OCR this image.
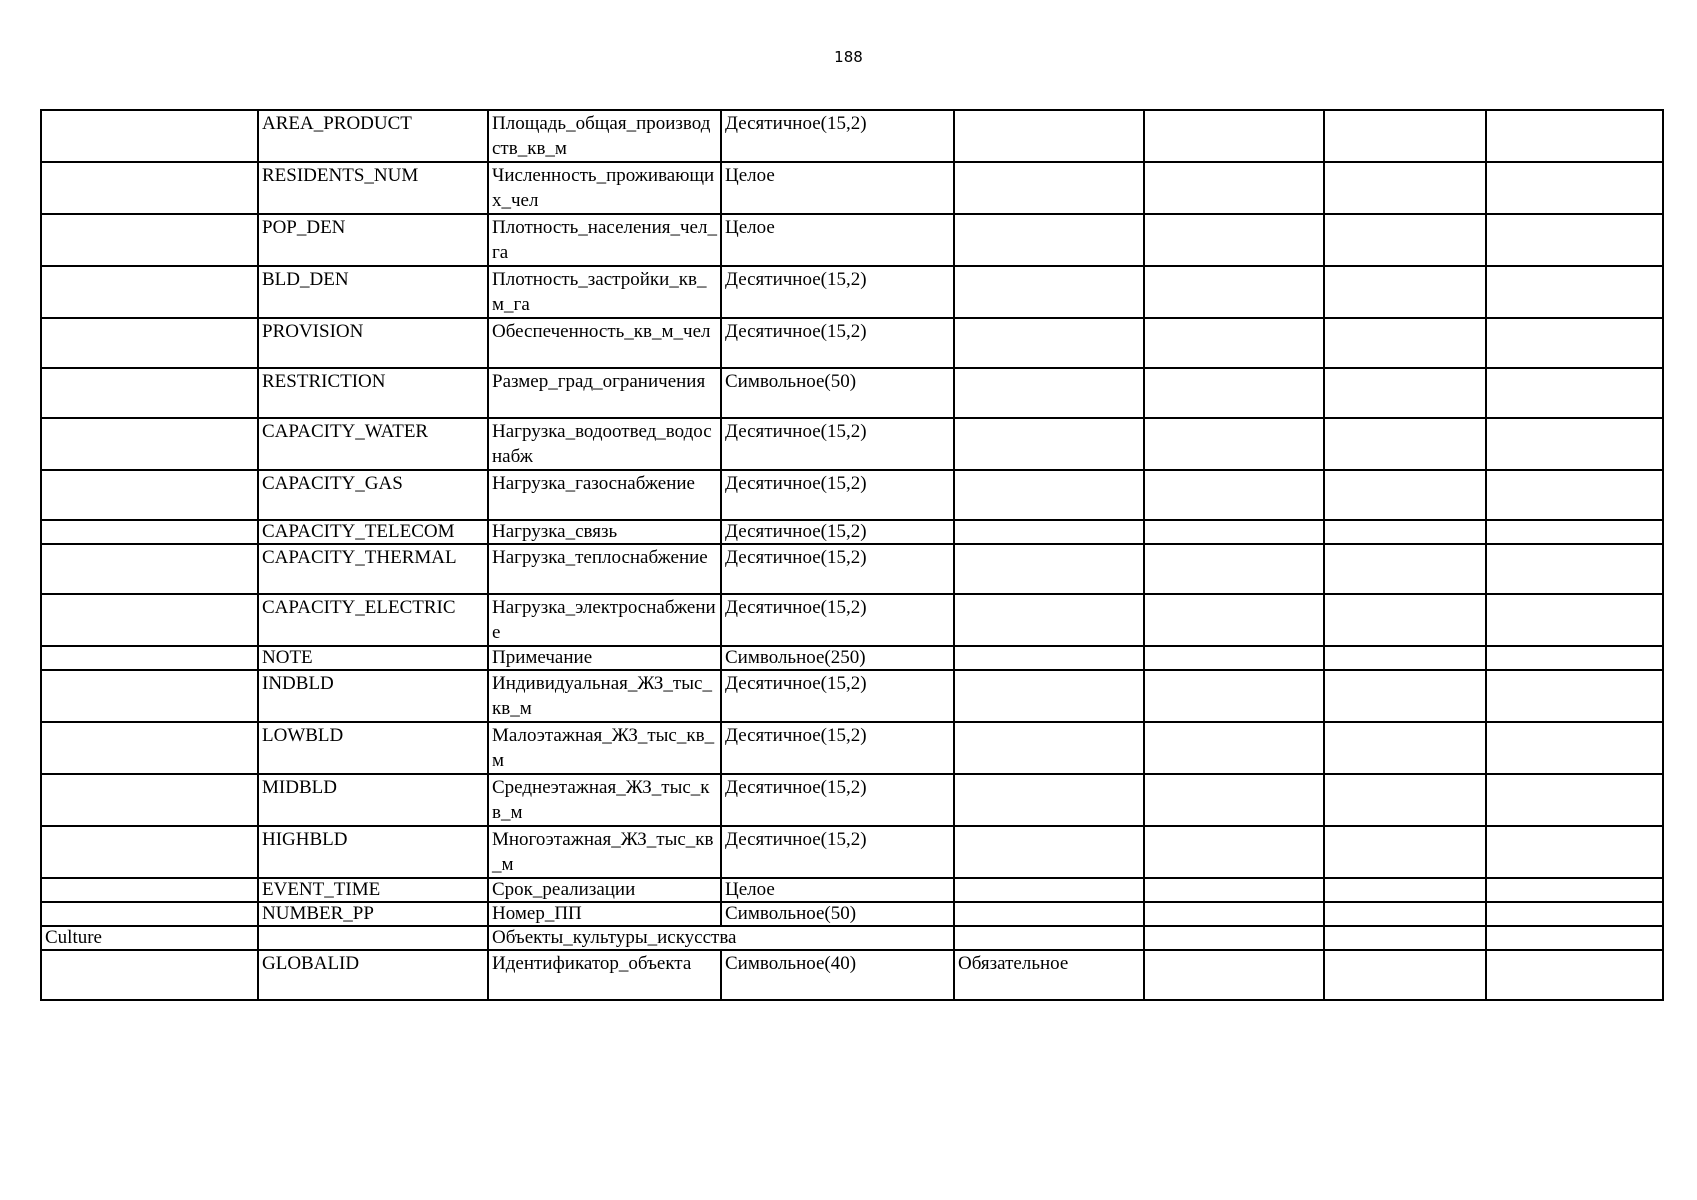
188
	AREA_PRODUCT	Площадь_общая_производств_кв_м	Десятичное(15,2)				
	RESIDENTS_NUM	Численность_проживающих_чел	Целое				
	POP_DEN	Плотность_населения_чел_га	Целое				
	BLD_DEN	Плотность_застройки_кв_м_га	Десятичное(15,2)				
	PROVISION	Обеспеченность_кв_м_чел	Десятичное(15,2)				
	RESTRICTION	Размер_град_ограничения	Символьное(50)				
	CAPACITY_WATER	Нагрузка_водоотвед_водоснабж	Десятичное(15,2)				
	CAPACITY_GAS	Нагрузка_газоснабжение	Десятичное(15,2)				
	CAPACITY_TELECOM	Нагрузка_связь	Десятичное(15,2)				
	CAPACITY_THERMAL	Нагрузка_теплоснабжение	Десятичное(15,2)				
	CAPACITY_ELECTRIC	Нагрузка_электроснабжение	Десятичное(15,2)				
	NOTE	Примечание	Символьное(250)				
	INDBLD	Индивидуальная_ЖЗ_тыс_кв_м	Десятичное(15,2)				
	LOWBLD	Малоэтажная_ЖЗ_тыс_кв_м	Десятичное(15,2)				
	MIDBLD	Среднеэтажная_ЖЗ_тыс_кв_м	Десятичное(15,2)				
	HIGHBLD	Многоэтажная_ЖЗ_тыс_кв_м	Десятичное(15,2)				
	EVENT_TIME	Срок_реализации	Целое				
	NUMBER_PP	Номер_ПП	Символьное(50)				
Culture		Объекты_культуры_искусства					
	GLOBALID	Идентификатор_объекта	Символьное(40)	Обязательное			
